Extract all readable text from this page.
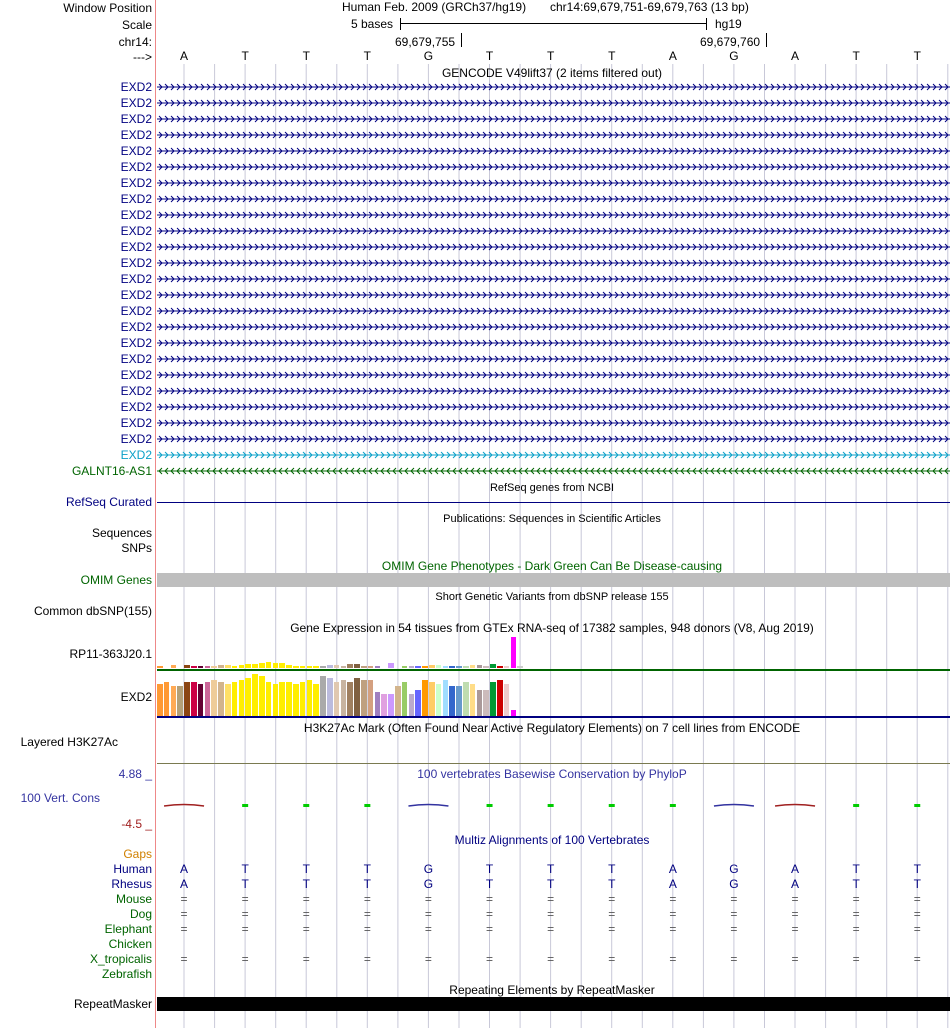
Window Position
Scale
chr14:
--->
Human Feb. 2009 (GRCh37/hg19) chr14:69,679,751-69,679,763 (13 bp)
5 bases	hg19
69,679,755	69,679,760
A	T	T	T	G	T	T	T	A	G	A	T	T
GENCODE V49lift37 (2 items filtered out)
EXD2
EXD2
EXD2
EXD2
EXD2
EXD2
EXD2
EXD2
EXD2
EXD2
EXD2
EXD2
EXD2
EXD2
EXD2
EXD2
EXD2
EXD2
EXD2
EXD2
EXD2
EXD2
EXD2
EXD2
GALNT16-AS1
RefSeq genes from NCBI
RefSeq Curated
Publications: Sequences in Scientific Articles
Sequences
SNPs
OMIM Gene Phenotypes - Dark Green Can Be Disease-causing
OMIM Genes
Short Genetic Variants from dbSNP release 155
Common dbSNP(155)
Gene Expression in 54 tissues from GTEx RNA-seq of 17382 samples, 948 donors (V8, Aug 2019)
RP11-363J20.1
EXD2
H3K27Ac Mark (Often Found Near Active Regulatory Elements) on 7 cell lines from ENCODE
Layered H3K27Ac
100 vertebrates Basewise Conservation by PhyloP
4.88 _
100 Vert. Cons
-4.5 _
Multiz Alignments of 100 Vertebrates
Gaps
Human A	T	T	T	G	T	T	T	A	G	A	T	T
Rhesus A	T	T	T	G	T	T	T	A	G	A	T	T
Mouse =	=	=	=	=	=	=	=	=	=	=	=	=
Dog =	=	=	=	=	=	=	=	=	=	=	=	=
Elephant =	=	=	=	=	=	=	=	=	=	=	=	=
Chicken
X_tropicalis =	=	=	=	=	=	=	=	=	=	=	=	=
Zebrafish
Repeating Elements by RepeatMasker
RepeatMasker
